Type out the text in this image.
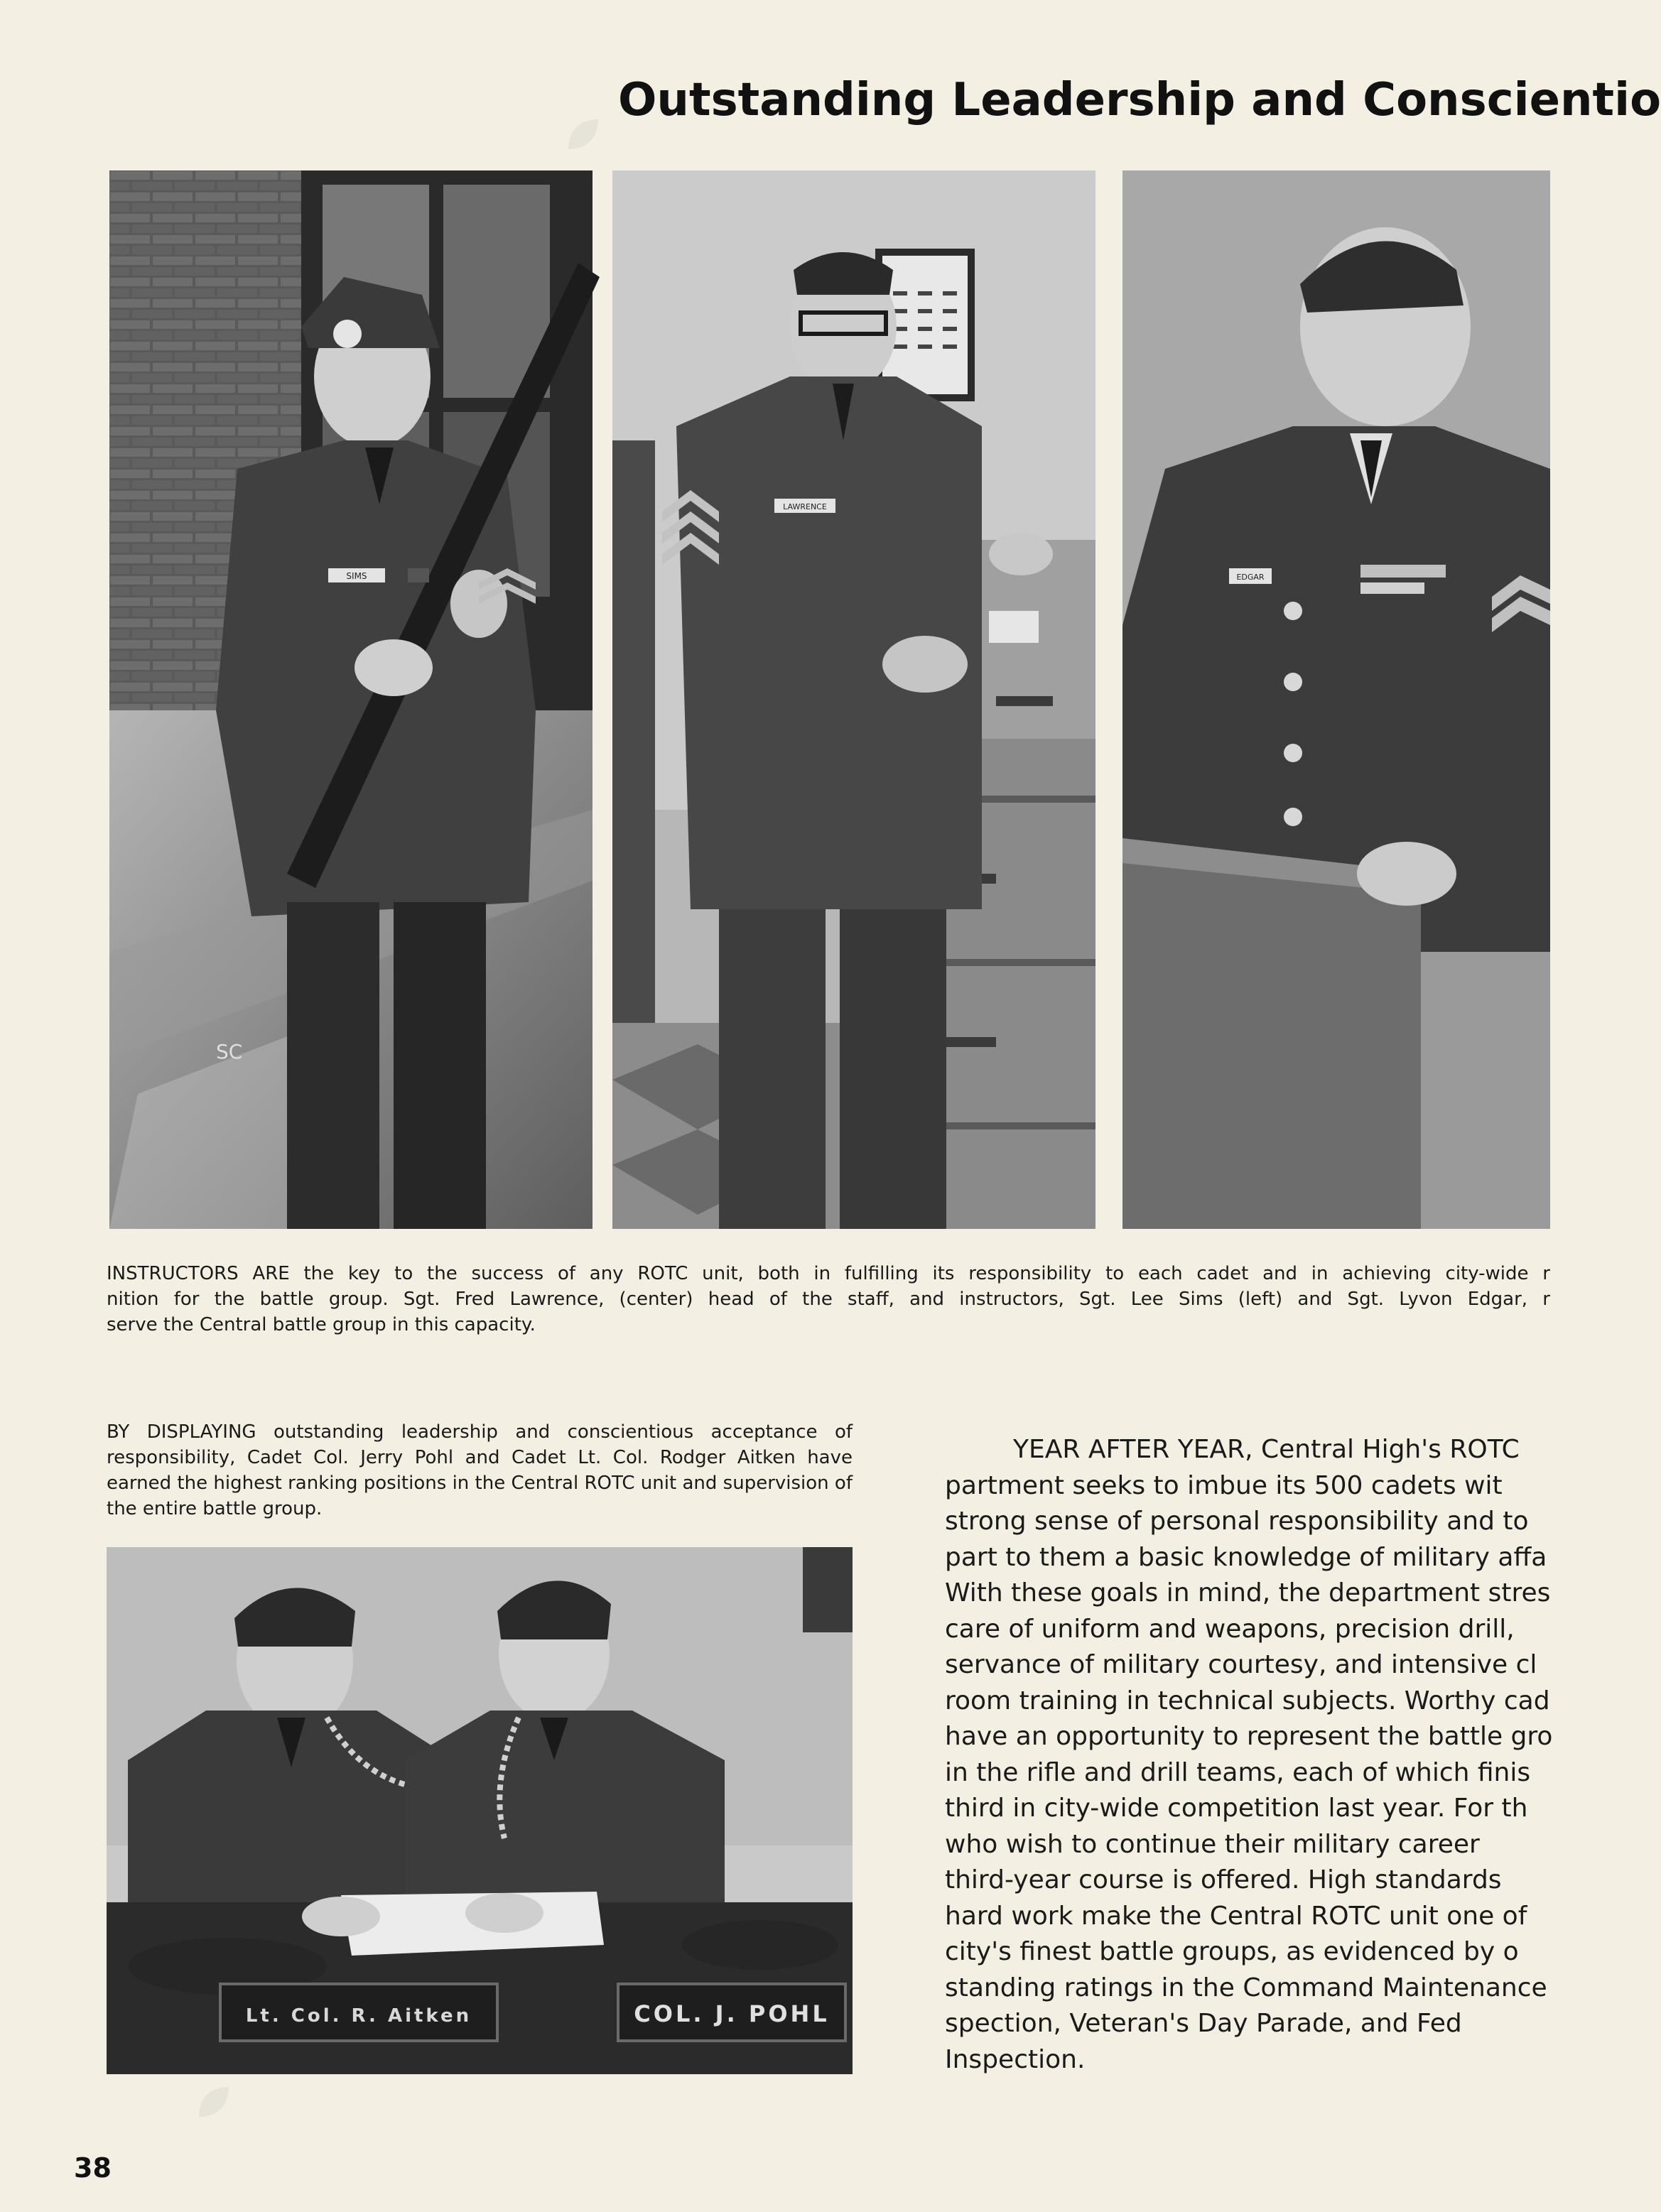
Outstanding Leadership and Conscientio
SIMS
SC
LAWRENCE
EDGAR
INSTRUCTORS ARE the key to the success of any ROTC unit, both in fulfilling its responsibility to each cadet and in achieving city-wide r
nition for the battle group. Sgt. Fred Lawrence, (center) head of the staff, and instructors, Sgt. Lee Sims (left) and Sgt. Lyvon Edgar, r
serve the Central battle group in this capacity.
BY DISPLAYING outstanding leadership and conscientious acceptance of responsibility, Cadet Col. Jerry Pohl and Cadet Lt. Col. Rodger Aitken have earned the highest ranking positions in the Central ROTC unit and supervision of the entire battle group.
Lt. Col. R. Aitken	COL. J. POHL
YEAR AFTER YEAR, Central High's ROTC
partment seeks to imbue its 500 cadets wit
strong sense of personal responsibility and to
part to them a basic knowledge of military affa
With these goals in mind, the department stres
care of uniform and weapons, precision drill,
servance of military courtesy, and intensive cl
room training in technical subjects. Worthy cad
have an opportunity to represent the battle gro
in the rifle and drill teams, each of which finis
third in city-wide competition last year. For th
who wish to continue their military career
third-year course is offered. High standards
hard work make the Central ROTC unit one of
city's finest battle groups, as evidenced by o
standing ratings in the Command Maintenance
spection, Veteran's Day Parade, and Fed
Inspection.
38
